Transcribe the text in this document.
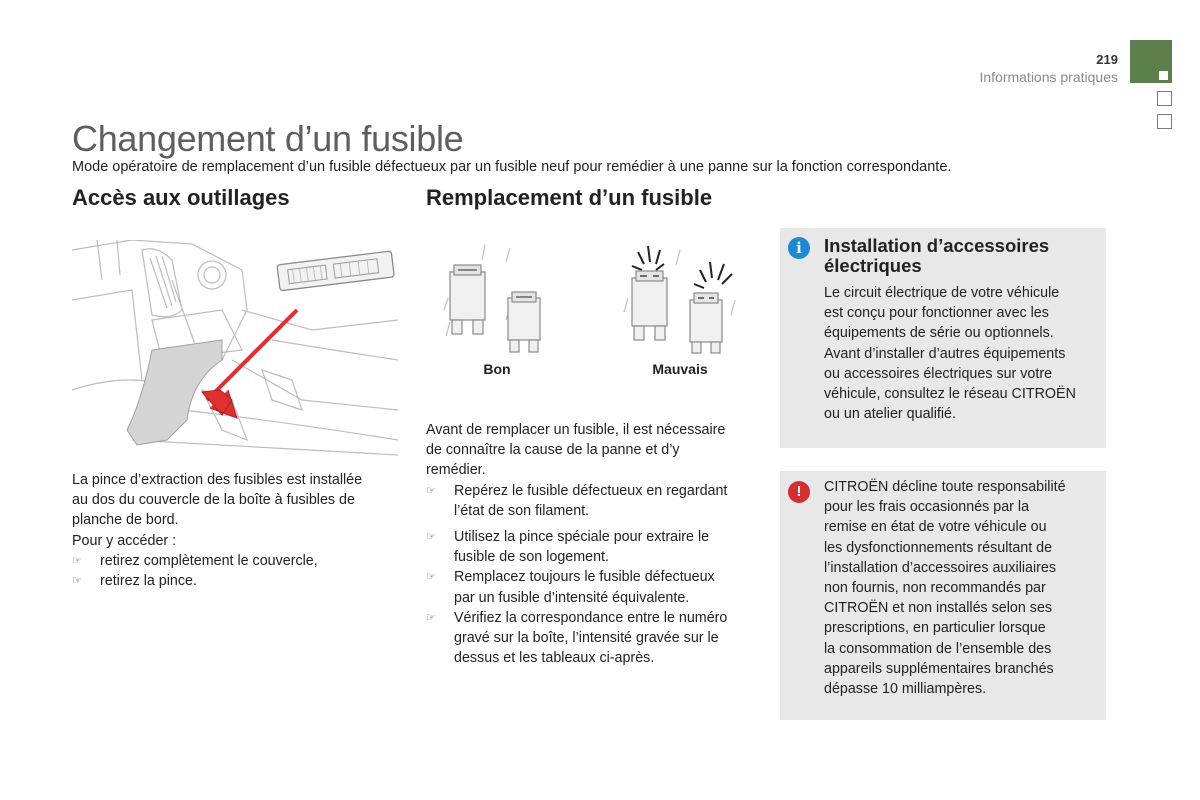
219
Informations pratiques
Changement d’un fusible
Mode opératoire de remplacement d’un fusible défectueux par un fusible neuf pour remédier à une panne sur la fonction correspondante.
Accès aux outillages
La pince d’extraction des fusibles est installée
au dos du couvercle de la boîte à fusibles de
planche de bord.
Pour y accéder :
☞ retirez complètement le couvercle,
☞ retirez la pince.
Remplacement d’un fusible
Bon	Mauvais
Avant de remplacer un fusible, il est nécessaire
de connaître la cause de la panne et d’y
remédier.
☞ Repérez le fusible défectueux en regardant
l’état de son filament.
☞ Utilisez la pince spéciale pour extraire le
fusible de son logement.
☞ Remplacez toujours le fusible défectueux
par un fusible d’intensité équivalente.
☞ Vérifiez la correspondance entre le numéro
gravé sur la boîte, l’intensité gravée sur le
dessus et les tableaux ci-après.
i	Installation d’accessoires
électriques
Le circuit électrique de votre véhicule
est conçu pour fonctionner avec les
équipements de série ou optionnels.
Avant d’installer d’autres équipements
ou accessoires électriques sur votre
véhicule, consultez le réseau CITROËN
ou un atelier qualifié.
!	CITROËN décline toute responsabilité
pour les frais occasionnés par la
remise en état de votre véhicule ou
les dysfonctionnements résultant de
l’installation d’accessoires auxiliaires
non fournis, non recommandés par
CITROËN et non installés selon ses
prescriptions, en particulier lorsque
la consommation de l’ensemble des
appareils supplémentaires branchés
dépasse 10 milliampères.
